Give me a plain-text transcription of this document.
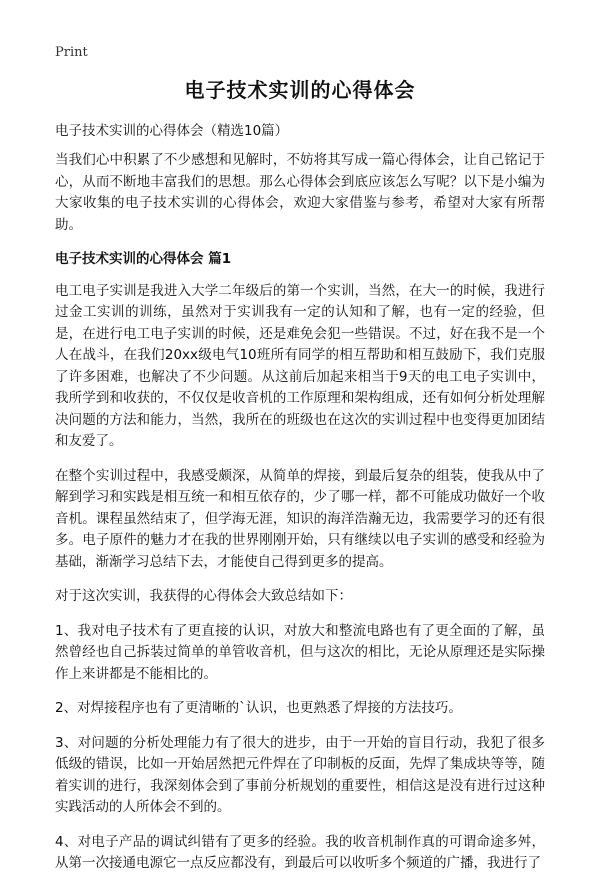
Print
电子技术实训的心得体会
电子技术实训的心得体会（精选10篇）

当我们心中积累了不少感想和见解时，不妨将其写成一篇心得体会，让自己铭记于心，从而不断地丰富我们的思想。那么心得体会到底应该怎么写呢？以下是小编为大家收集的电子技术实训的心得体会，欢迎大家借鉴与参考，希望对大家有所帮助。

电子技术实训的心得体会 篇1

电工电子实训是我进入大学二年级后的第一个实训，当然，在大一的时候，我进行过金工实训的训练，虽然对于实训我有一定的认知和了解，也有一定的经验，但是，在进行电工电子实训的时候，还是难免会犯一些错误。不过，好在我不是一个人在战斗，在我们20xx级电气10班所有同学的相互帮助和相互鼓励下，我们克服了许多困难，也解决了不少问题。从这前后加起来相当于9天的电工电子实训中，我所学到和收获的，不仅仅是收音机的工作原理和架构组成，还有如何分析处理解决问题的方法和能力，当然，我所在的班级也在这次的实训过程中也变得更加团结和友爱了。

在整个实训过程中，我感受颇深，从简单的焊接，到最后复杂的组装，使我从中了解到学习和实践是相互统一和相互依存的，少了哪一样，都不可能成功做好一个收音机。课程虽然结束了，但学海无涯，知识的海洋浩瀚无边，我需要学习的还有很多。电子原件的魅力才在我的世界刚刚开始，只有继续以电子实训的感受和经验为基础，渐渐学习总结下去，才能使自己得到更多的提高。

对于这次实训，我获得的心得体会大致总结如下：

1、我对电子技术有了更直接的认识，对放大和整流电路也有了更全面的了解，虽然曾经也自己拆装过简单的单管收音机，但与这次的相比，无论从原理还是实际操作上来讲都是不能相比的。

2、对焊接程序也有了更清晰的`认识，也更熟悉了焊接的方法技巧。

3、对问题的分析处理能力有了很大的进步，由于一开始的盲目行动，我犯了很多低级的错误，比如一开始居然把元件焊在了印制板的反面，先焊了集成块等等，随着实训的进行，我深刻体会到了事前分析规划的重要性，相信这是没有进行过这种实践活动的人所体会不到的。

4、对电子产品的调试纠错有了更多的经验。我的收音机制作真的可谓命途多舛，从第一次接通电源它一点反应都没有，到最后可以收听多个频道的广播，我进行了
